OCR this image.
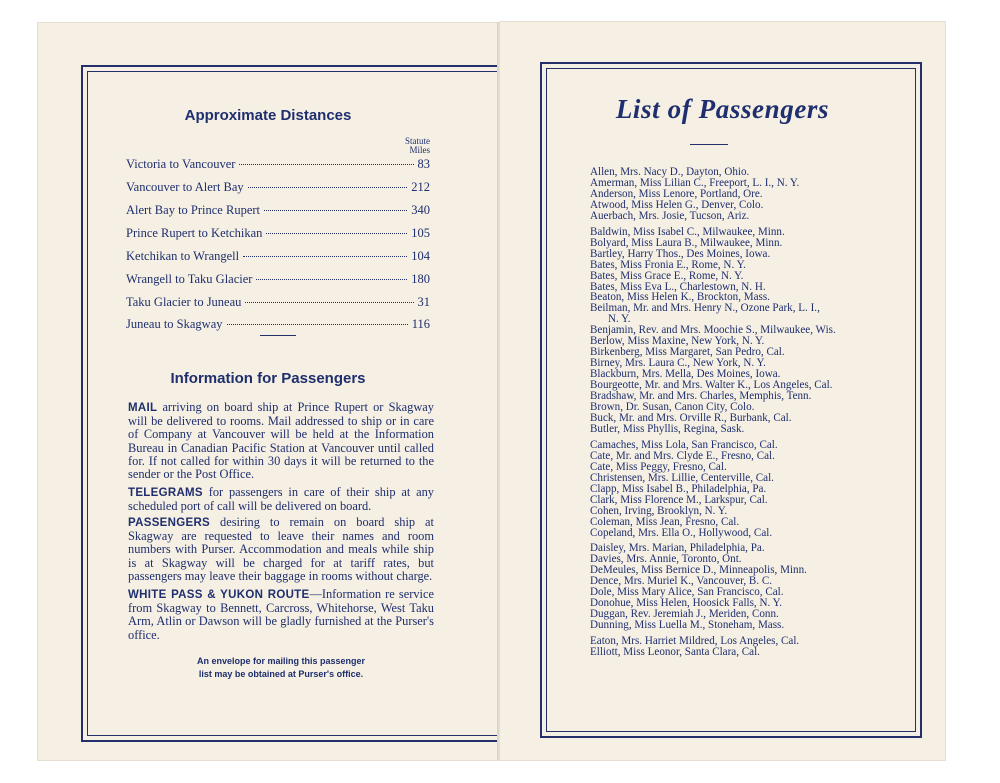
Approximate Distances
Statute
Miles
Victoria to Vancouver	83
Vancouver to Alert Bay	212
Alert Bay to Prince Rupert	340
Prince Rupert to Ketchikan	105
Ketchikan to Wrangell	104
Wrangell to Taku Glacier	180
Taku Glacier to Juneau	31
Juneau to Skagway	116
Information for Passengers
MAIL arriving on board ship at Prince Rupert or Skagway will be delivered to rooms. Mail addressed to ship or in care of Company at Vancouver will be held at the Information Bureau in Canadian Pacific Station at Vancouver until called for. If not called for within 30 days it will be returned to the sender or the Post Office.
TELEGRAMS for passengers in care of their ship at any scheduled port of call will be delivered on board.
PASSENGERS desiring to remain on board ship at Skagway are requested to leave their names and room numbers with Purser. Accommodation and meals while ship is at Skagway will be charged for at tariff rates, but passengers may leave their baggage in rooms without charge.
WHITE PASS & YUKON ROUTE—Information re service from Skagway to Bennett, Carcross, Whitehorse, West Taku Arm, Atlin or Dawson will be gladly furnished at the Purser's office.
An envelope for mailing this passenger
list may be obtained at Purser's office.
List of Passengers
Allen, Mrs. Nacy D., Dayton, Ohio.
Amerman, Miss Lilian C., Freeport, L. I., N. Y.
Anderson, Miss Lenore, Portland, Ore.
Atwood, Miss Helen G., Denver, Colo.
Auerbach, Mrs. Josie, Tucson, Ariz.
Baldwin, Miss Isabel C., Milwaukee, Minn.
Bolyard, Miss Laura B., Milwaukee, Minn.
Bartley, Harry Thos., Des Moines, Iowa.
Bates, Miss Fronia E., Rome, N. Y.
Bates, Miss Grace E., Rome, N. Y.
Bates, Miss Eva L., Charlestown, N. H.
Beaton, Miss Helen K., Brockton, Mass.
Beilman, Mr. and Mrs. Henry N., Ozone Park, L. I.,
N. Y.
Benjamin, Rev. and Mrs. Moochie S., Milwaukee, Wis.
Berlow, Miss Maxine, New York, N. Y.
Birkenberg, Miss Margaret, San Pedro, Cal.
Birney, Mrs. Laura C., New York, N. Y.
Blackburn, Mrs. Mella, Des Moines, Iowa.
Bourgeotte, Mr. and Mrs. Walter K., Los Angeles, Cal.
Bradshaw, Mr. and Mrs. Charles, Memphis, Tenn.
Brown, Dr. Susan, Canon City, Colo.
Buck, Mr. and Mrs. Orville R., Burbank, Cal.
Butler, Miss Phyllis, Regina, Sask.
Camaches, Miss Lola, San Francisco, Cal.
Cate, Mr. and Mrs. Clyde E., Fresno, Cal.
Cate, Miss Peggy, Fresno, Cal.
Christensen, Mrs. Lillie, Centerville, Cal.
Clapp, Miss Isabel B., Philadelphia, Pa.
Clark, Miss Florence M., Larkspur, Cal.
Cohen, Irving, Brooklyn, N. Y.
Coleman, Miss Jean, Fresno, Cal.
Copeland, Mrs. Ella O., Hollywood, Cal.
Daisley, Mrs. Marian, Philadelphia, Pa.
Davies, Mrs. Annie, Toronto, Ont.
DeMeules, Miss Bernice D., Minneapolis, Minn.
Dence, Mrs. Muriel K., Vancouver, B. C.
Dole, Miss Mary Alice, San Francisco, Cal.
Donohue, Miss Helen, Hoosick Falls, N. Y.
Duggan, Rev. Jeremiah J., Meriden, Conn.
Dunning, Miss Luella M., Stoneham, Mass.
Eaton, Mrs. Harriet Mildred, Los Angeles, Cal.
Elliott, Miss Leonor, Santa Clara, Cal.
